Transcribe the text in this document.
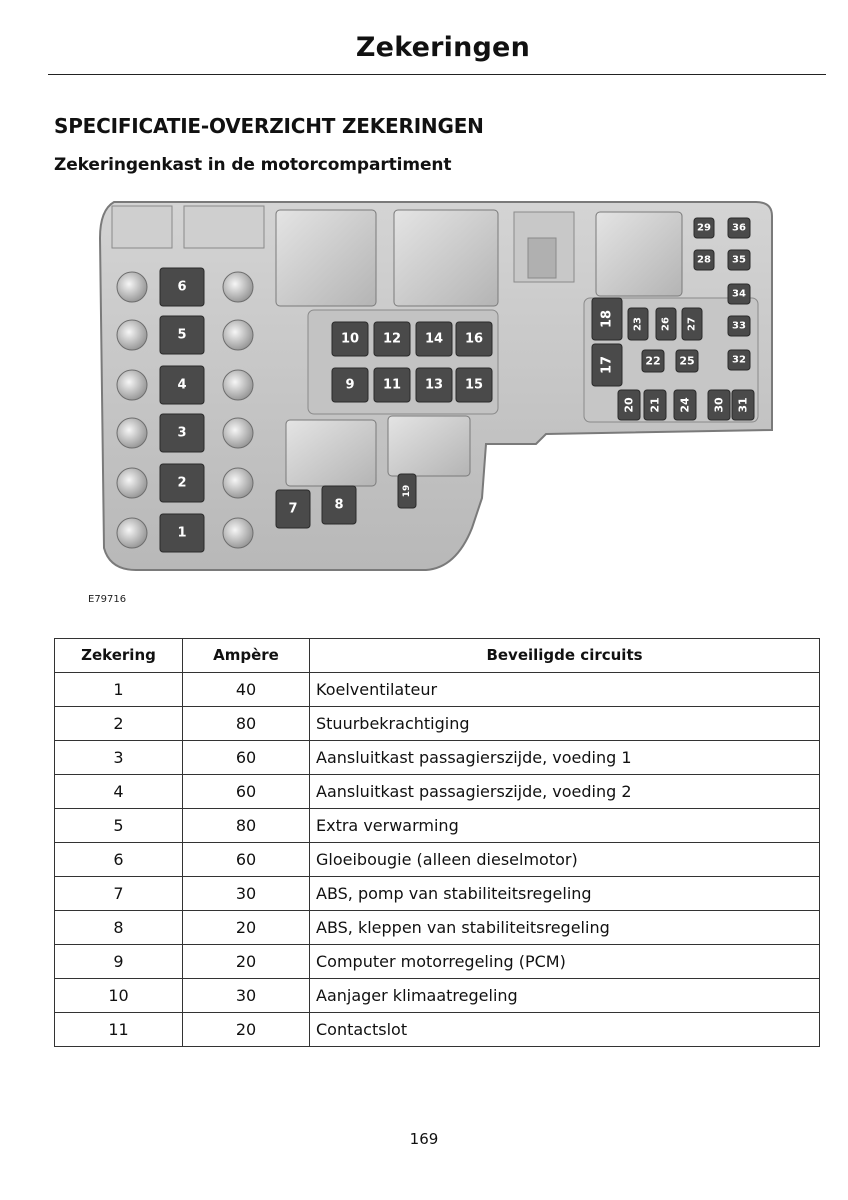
Zekeringen
SPECIFICATIE-OVERZICHT ZEKERINGEN
Zekeringenkast in de motorcompartiment
1
2
3
4
5
6
7	8
9
10
11
12
13
14
15
16
17
18
19
20 21
22
23
24
25
26 27
28
29
30 31
32
33
34
35
36
E79716
Zekering	Ampère	Beveiligde circuits
1	40	Koelventilateur
2	80	Stuurbekrachtiging
3	60	Aansluitkast passagierszijde, voeding 1
4	60	Aansluitkast passagierszijde, voeding 2
5	80	Extra verwarming
6	60	Gloeibougie (alleen dieselmotor)
7	30	ABS, pomp van stabiliteitsregeling
8	20	ABS, kleppen van stabiliteitsregeling
9	20	Computer motorregeling (PCM)
10	30	Aanjager klimaatregeling
11	20	Contactslot
169
